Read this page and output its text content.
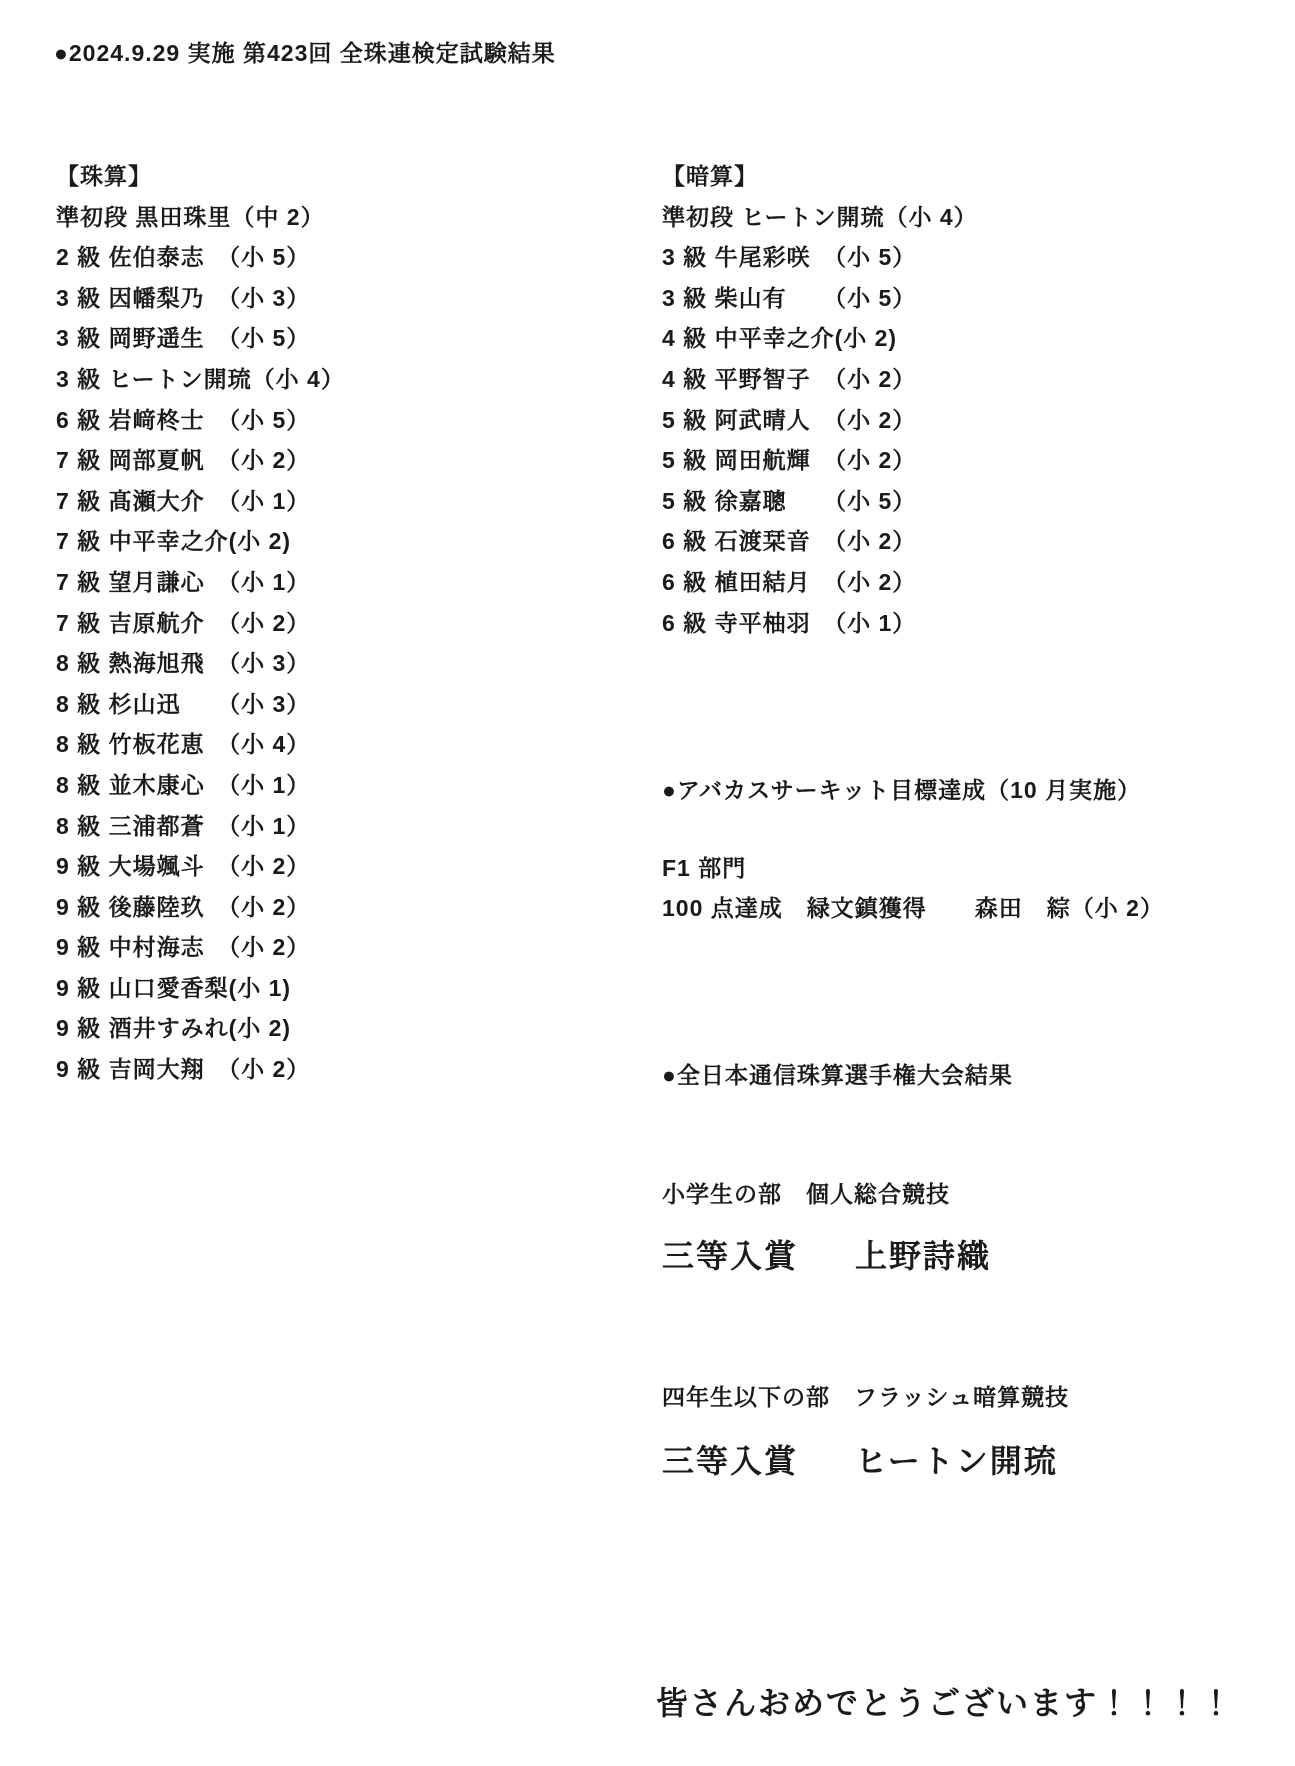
●2024.9.29 実施 第423回 全珠連検定試験結果
【珠算】
準初段 黒田珠里（中 2）
2 級 佐伯泰志　（小 5）
3 級 因幡梨乃　（小 3）
3 級 岡野遥生　（小 5）
3 級 ヒートン開琉（小 4）
6 級 岩﨑柊士　（小 5）
7 級 岡部夏帆　（小 2）
7 級 髙瀬大介　（小 1）
7 級 中平幸之介(小 2)
7 級 望月謙心　（小 1）
7 級 吉原航介　（小 2）
8 級 熱海旭飛　（小 3）
8 級 杉山迅　　（小 3）
8 級 竹板花恵　（小 4）
8 級 並木康心　（小 1）
8 級 三浦都蒼　（小 1）
9 級 大場颯斗　（小 2）
9 級 後藤陸玖　（小 2）
9 級 中村海志　（小 2）
9 級 山口愛香梨(小 1)
9 級 酒井すみれ(小 2)
9 級 吉岡大翔　（小 2）
【暗算】
準初段 ヒートン開琉（小 4）
3 級 牛尾彩咲　（小 5）
3 級 柴山有　　（小 5）
4 級 中平幸之介(小 2)
4 級 平野智子　（小 2）
5 級 阿武晴人　（小 2）
5 級 岡田航輝　（小 2）
5 級 徐嘉聰　　（小 5）
6 級 石渡栞音　（小 2）
6 級 植田結月　（小 2）
6 級 寺平柚羽　（小 1）
●アバカスサーキット目標達成（10 月実施）
F1 部門
100 点達成　緑文鎮獲得　　森田　綜（小 2）
●全日本通信珠算選手権大会結果
小学生の部　個人総合競技
三等入賞 上野詩織
四年生以下の部　フラッシュ暗算競技
三等入賞 ヒートン開琉
皆さんおめでとうございます！！！！
